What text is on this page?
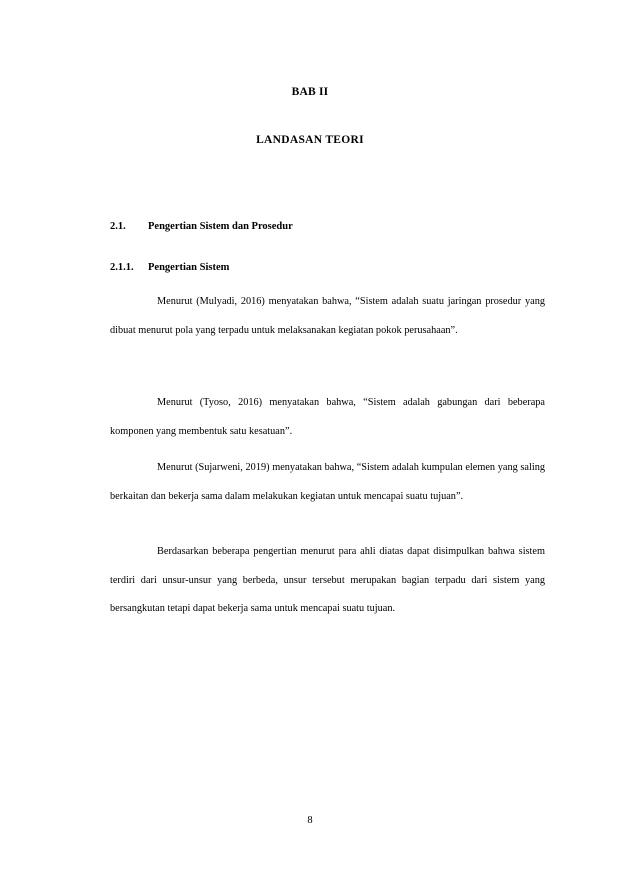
BAB II
LANDASAN TEORI
2.1. Pengertian Sistem dan Prosedur
2.1.1. Pengertian Sistem

Menurut (Mulyadi, 2016) menyatakan bahwa, “Sistem adalah suatu jaringan prosedur yang dibuat menurut pola yang terpadu untuk melaksanakan kegiatan pokok perusahaan”.

Menurut (Tyoso, 2016) menyatakan bahwa, “Sistem adalah gabungan dari beberapa komponen yang membentuk satu kesatuan”.

Menurut (Sujarweni, 2019) menyatakan bahwa, “Sistem adalah kumpulan elemen yang saling berkaitan dan bekerja sama dalam melakukan kegiatan untuk mencapai suatu tujuan”.

Berdasarkan beberapa pengertian menurut para ahli diatas dapat disimpulkan bahwa sistem terdiri dari unsur-unsur yang berbeda, unsur tersebut merupakan bagian terpadu dari sistem yang bersangkutan tetapi dapat bekerja sama untuk mencapai suatu tujuan.

8
